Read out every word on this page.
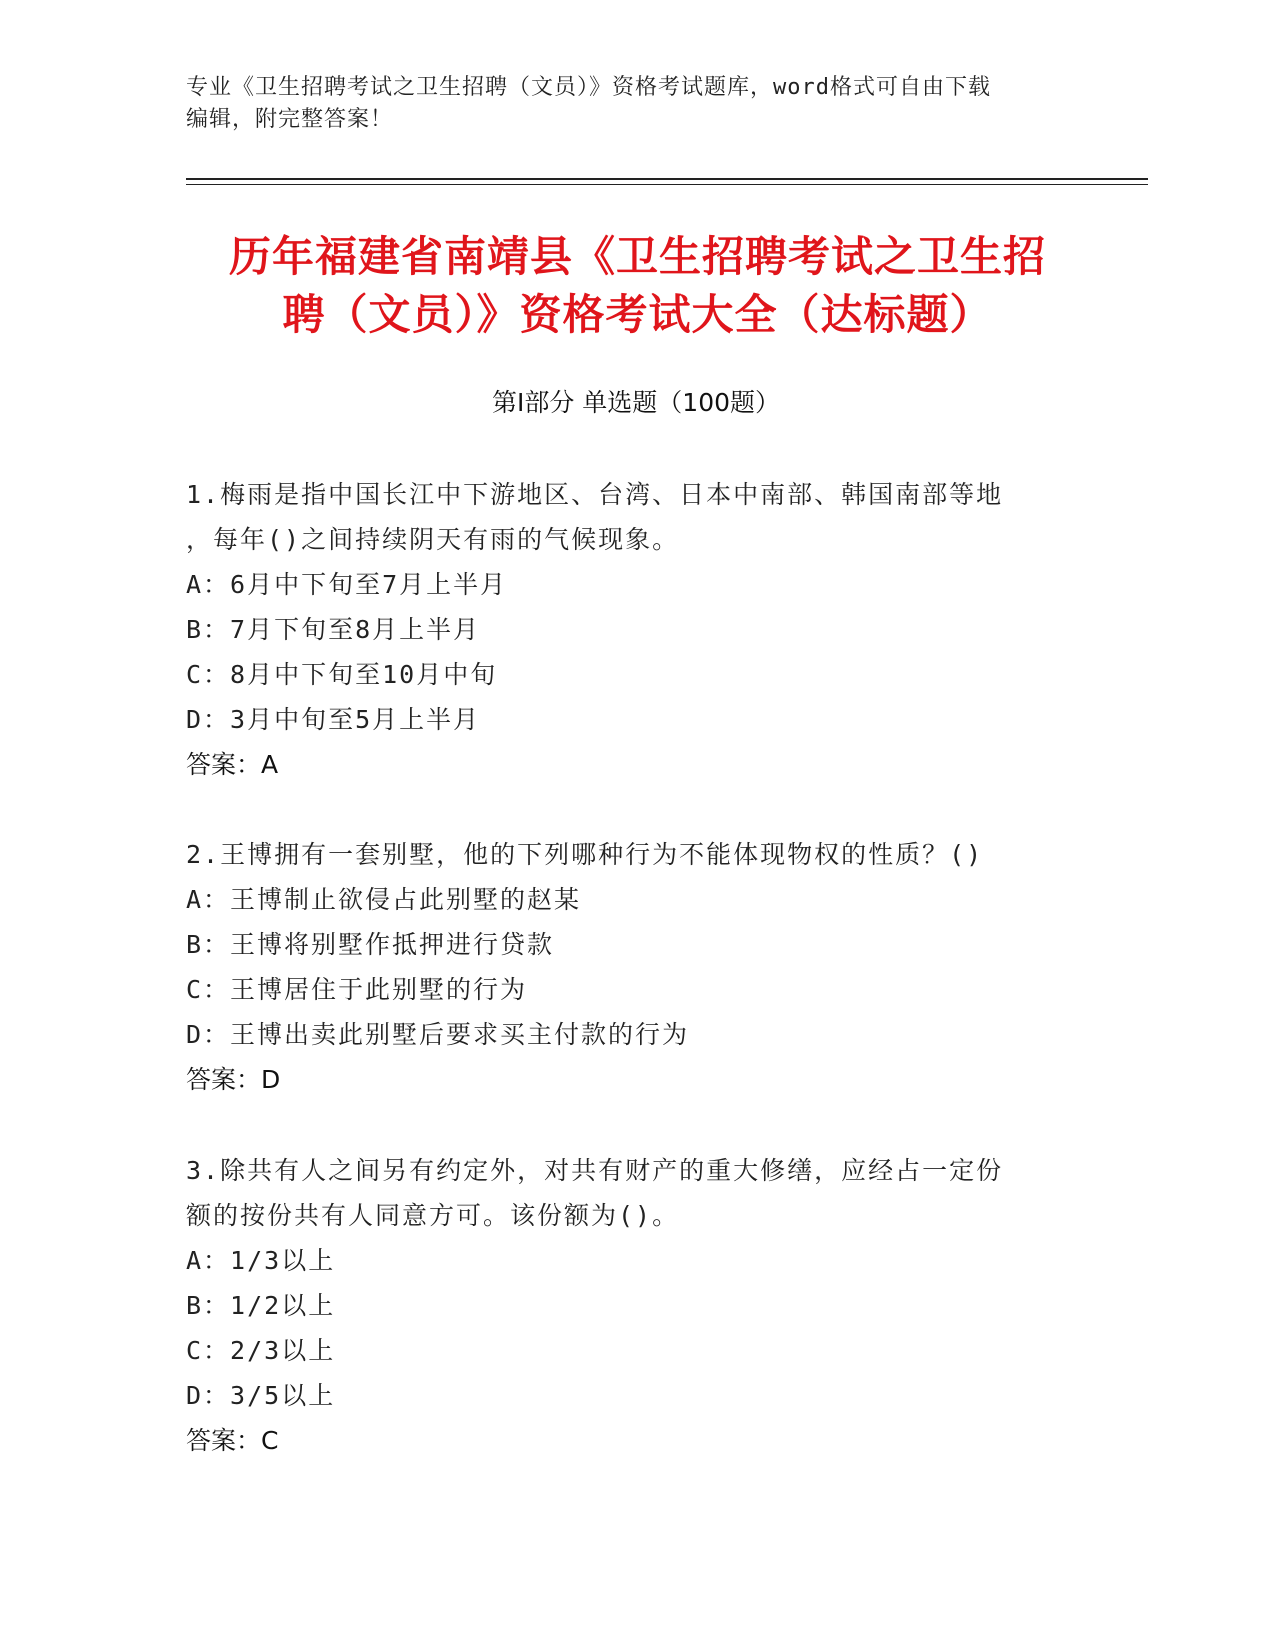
专业《卫生招聘考试之卫生招聘（文员）》资格考试题库，word格式可自由下载
编辑，附完整答案！
历年福建省南靖县《卫生招聘考试之卫生招
聘（文员）》资格考试大全（达标题）
第Ⅰ部分 单选题（100题）

1.梅雨是指中国长江中下游地区、台湾、日本中南部、韩国南部等地

，每年()之间持续阴天有雨的气候现象。

A：6月中下旬至7月上半月

B：7月下旬至8月上半月

C：8月中下旬至10月中旬

D：3月中旬至5月上半月

答案：A

2.王博拥有一套别墅，他的下列哪种行为不能体现物权的性质？()

A：王博制止欲侵占此别墅的赵某

B：王博将别墅作抵押进行贷款

C：王博居住于此别墅的行为

D：王博出卖此别墅后要求买主付款的行为

答案：D

3.除共有人之间另有约定外，对共有财产的重大修缮，应经占一定份

额的按份共有人同意方可。该份额为()。

A：1/3以上

B：1/2以上

C：2/3以上

D：3/5以上

答案：C
